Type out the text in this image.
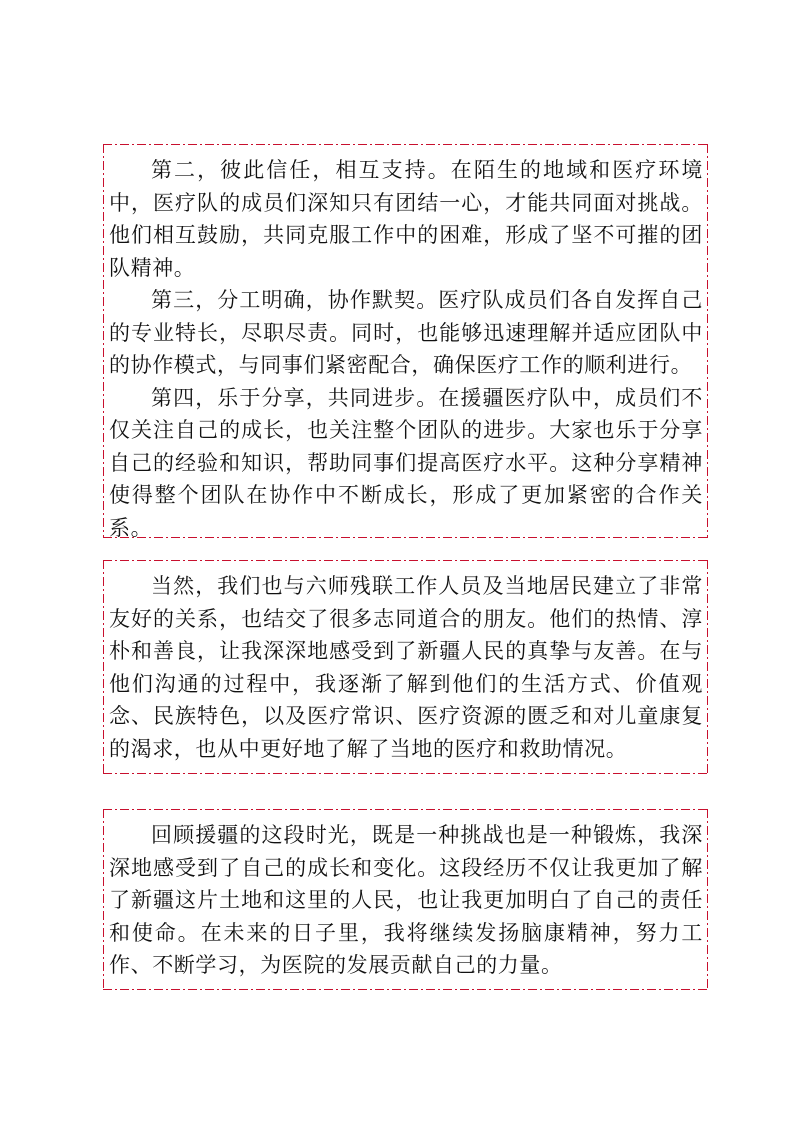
第二，彼此信任，相互支持。在陌生的地域和医疗环境中，医疗队的成员们深知只有团结一心，才能共同面对挑战。他们相互鼓励，共同克服工作中的困难，形成了坚不可摧的团队精神。

第三，分工明确，协作默契。医疗队成员们各自发挥自己的专业特长，尽职尽责。同时，也能够迅速理解并适应团队中的协作模式，与同事们紧密配合，确保医疗工作的顺利进行。

第四，乐于分享，共同进步。在援疆医疗队中，成员们不仅关注自己的成长，也关注整个团队的进步。大家也乐于分享自己的经验和知识，帮助同事们提高医疗水平。这种分享精神使得整个团队在协作中不断成长，形成了更加紧密的合作关系。

当然，我们也与六师残联工作人员及当地居民建立了非常友好的关系，也结交了很多志同道合的朋友。他们的热情、淳朴和善良，让我深深地感受到了新疆人民的真挚与友善。在与他们沟通的过程中，我逐渐了解到他们的生活方式、价值观念、民族特色，以及医疗常识、医疗资源的匮乏和对儿童康复的渴求，也从中更好地了解了当地的医疗和救助情况。

回顾援疆的这段时光，既是一种挑战也是一种锻炼，我深深地感受到了自己的成长和变化。这段经历不仅让我更加了解了新疆这片土地和这里的人民，也让我更加明白了自己的责任和使命。在未来的日子里，我将继续发扬脑康精神，努力工作、不断学习，为医院的发展贡献自己的力量。
